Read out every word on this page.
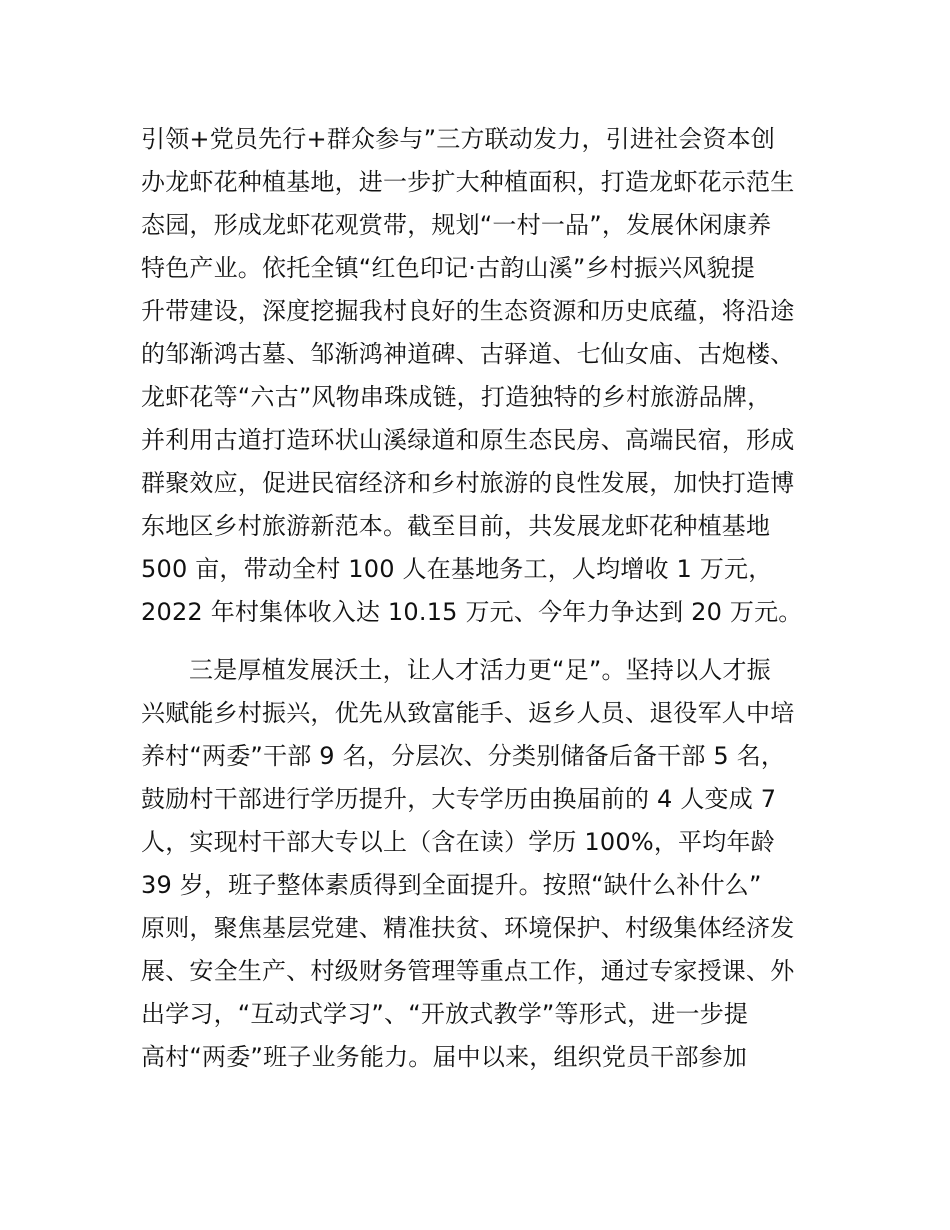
引领+党员先行+群众参与”三方联动发力，引进社会资本创
办龙虾花种植基地，进一步扩大种植面积，打造龙虾花示范生
态园，形成龙虾花观赏带，规划“一村一品”，发展休闲康养
特色产业。依托全镇“红色印记·古韵山溪”乡村振兴风貌提
升带建设，深度挖掘我村良好的生态资源和历史底蕴，将沿途
的邹渐鸿古墓、邹渐鸿神道碑、古驿道、七仙女庙、古炮楼、
龙虾花等“六古”风物串珠成链，打造独特的乡村旅游品牌，
并利用古道打造环状山溪绿道和原生态民房、高端民宿，形成
群聚效应，促进民宿经济和乡村旅游的良性发展，加快打造博
东地区乡村旅游新范本。截至目前，共发展龙虾花种植基地
500 亩，带动全村 100 人在基地务工，人均增收 1 万元，
2022 年村集体收入达 10.15 万元、今年力争达到 20 万元。
三是厚植发展沃土，让人才活力更“足”。坚持以人才振
兴赋能乡村振兴，优先从致富能手、返乡人员、退役军人中培
养村“两委”干部 9 名，分层次、分类别储备后备干部 5 名，
鼓励村干部进行学历提升，大专学历由换届前的 4 人变成 7
人，实现村干部大专以上（含在读）学历 100%，平均年龄
39 岁，班子整体素质得到全面提升。按照“缺什么补什么”
原则，聚焦基层党建、精准扶贫、环境保护、村级集体经济发
展、安全生产、村级财务管理等重点工作，通过专家授课、外
出学习，“互动式学习”、“开放式教学”等形式，进一步提
高村“两委”班子业务能力。届中以来，组织党员干部参加
